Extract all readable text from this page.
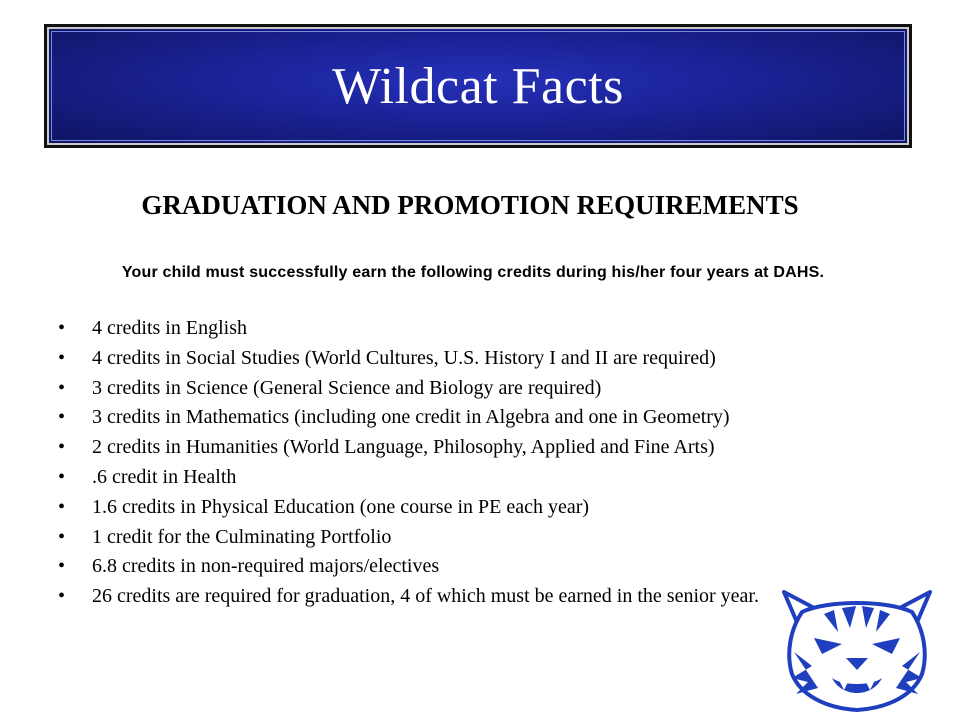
Wildcat Facts
GRADUATION AND PROMOTION REQUIREMENTS
Your child must successfully earn the following credits during his/her four years at DAHS.
• 4 credits in English
• 4 credits in Social Studies (World Cultures, U.S. History I and II are required)
• 3 credits in Science (General Science and Biology are required)
• 3 credits in Mathematics (including one credit in Algebra and one in Geometry)
• 2 credits in Humanities (World Language, Philosophy, Applied and Fine Arts)
• .6 credit in Health
• 1.6 credits in Physical Education (one course in PE each year)
• 1 credit for the Culminating Portfolio
• 6.8 credits in non-required majors/electives
• 26 credits are required for graduation, 4 of which must be earned in the senior year.
